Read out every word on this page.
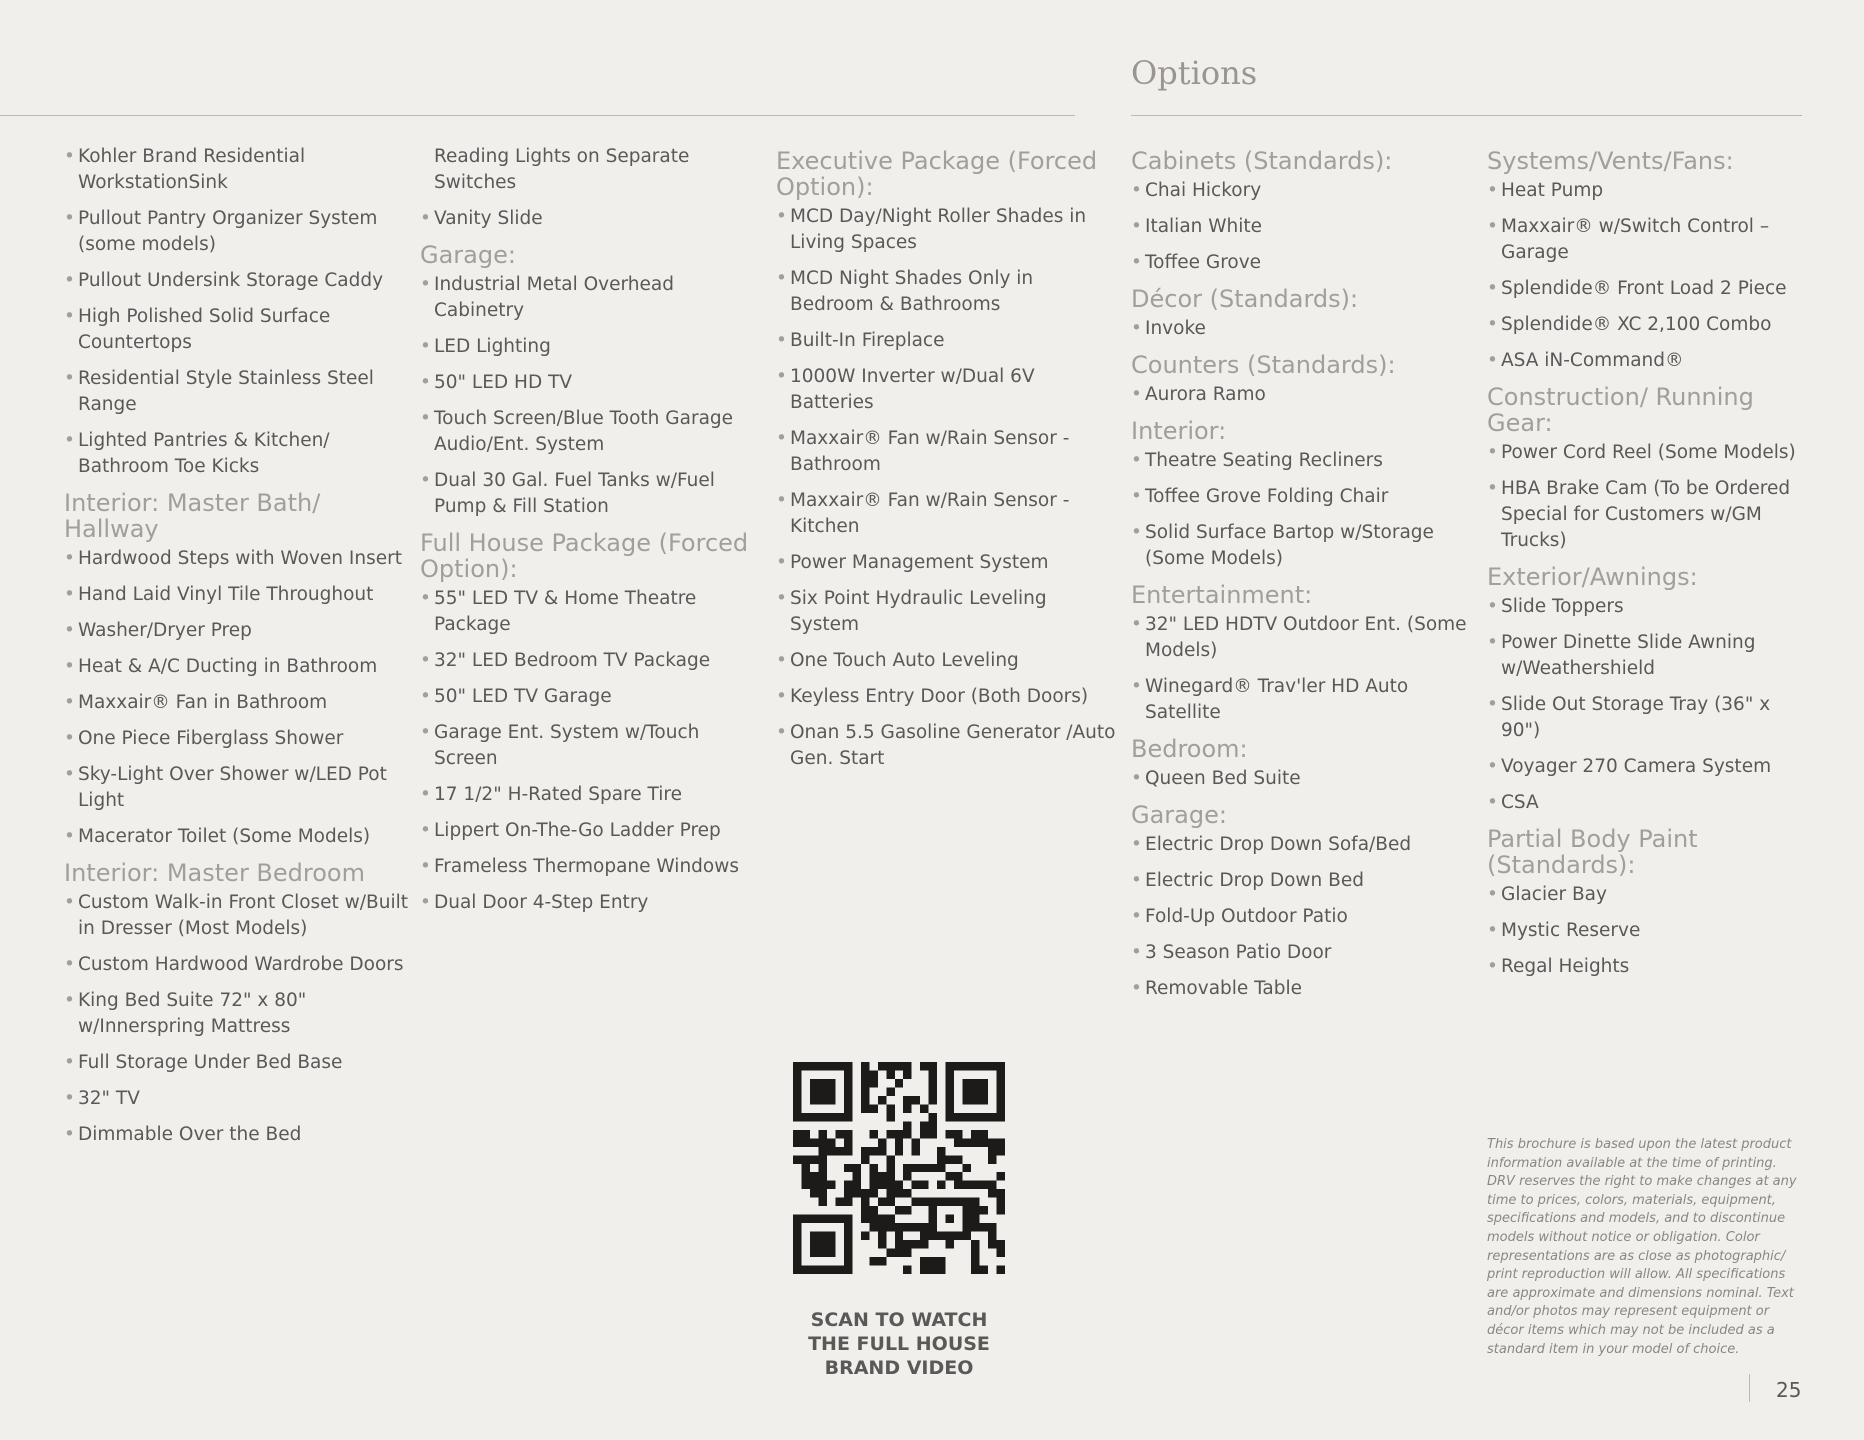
Options
• Kohler Brand Residential WorkstationSink
• Pullout Pantry Organizer System (some models)
• Pullout Undersink Storage Caddy
• High Polished Solid Surface Countertops
• Residential Style Stainless Steel Range
• Lighted Pantries & Kitchen/ Bathroom Toe Kicks
Interior: Master Bath/ Hallway
• Hardwood Steps with Woven Insert
• Hand Laid Vinyl Tile Throughout
• Washer/Dryer Prep
• Heat & A/C Ducting in Bathroom
• Maxxair® Fan in Bathroom
• One Piece Fiberglass Shower
• Sky-Light Over Shower w/LED Pot Light
• Macerator Toilet (Some Models)
Interior: Master Bedroom
• Custom Walk-in Front Closet w/Built in Dresser (Most Models)
• Custom Hardwood Wardrobe Doors
• King Bed Suite 72" x 80" w/Innerspring Mattress
• Full Storage Under Bed Base
• 32" TV
• Dimmable Over the Bed
Reading Lights on Separate Switches
• Vanity Slide
Garage:
• Industrial Metal Overhead Cabinetry
• LED Lighting
• 50" LED HD TV
• Touch Screen/Blue Tooth Garage Audio/Ent. System
• Dual 30 Gal. Fuel Tanks w/Fuel Pump & Fill Station
Full House Package (Forced Option):
• 55" LED TV & Home Theatre Package
• 32" LED Bedroom TV Package
• 50" LED TV Garage
• Garage Ent. System w/Touch Screen
• 17 1/2" H-Rated Spare Tire
• Lippert On-The-Go Ladder Prep
• Frameless Thermopane Windows
• Dual Door 4-Step Entry
Executive Package (Forced Option):
• MCD Day/Night Roller Shades in Living Spaces
• MCD Night Shades Only in Bedroom & Bathrooms
• Built-In Fireplace
• 1000W Inverter w/Dual 6V Batteries
• Maxxair® Fan w/Rain Sensor - Bathroom
• Maxxair® Fan w/Rain Sensor - Kitchen
• Power Management System
• Six Point Hydraulic Leveling System
• One Touch Auto Leveling
• Keyless Entry Door (Both Doors)
• Onan 5.5 Gasoline Generator /Auto Gen. Start

SCAN TO WATCH
THE FULL HOUSE
BRAND VIDEO

Cabinets (Standards):
• Chai Hickory
• Italian White
• Toffee Grove
Décor (Standards):
• Invoke
Counters (Standards):
• Aurora Ramo
Interior:
• Theatre Seating Recliners
• Toffee Grove Folding Chair
• Solid Surface Bartop w/Storage (Some Models)
Entertainment:
• 32" LED HDTV Outdoor Ent. (Some Models)
• Winegard® Trav'ler HD Auto Satellite
Bedroom:
• Queen Bed Suite
Garage:
• Electric Drop Down Sofa/Bed
• Electric Drop Down Bed
• Fold-Up Outdoor Patio
• 3 Season Patio Door
• Removable Table
Systems/Vents/Fans:
• Heat Pump
• Maxxair® w/Switch Control – Garage
• Splendide® Front Load 2 Piece
• Splendide® XC 2,100 Combo
• ASA iN-Command®
Construction/ Running Gear:
• Power Cord Reel (Some Models)
• HBA Brake Cam (To be Ordered Special for Customers w/GM Trucks)
Exterior/Awnings:
• Slide Toppers
• Power Dinette Slide Awning w/Weathershield
• Slide Out Storage Tray (36" x 90")
• Voyager 270 Camera System
• CSA
Partial Body Paint (Standards):
• Glacier Bay
• Mystic Reserve
• Regal Heights

This brochure is based upon the latest product information available at the time of printing. DRV reserves the right to make changes at any time to prices, colors, materials, equipment, specifications and models, and to discontinue models without notice or obligation. Color representations are as close as photographic/ print reproduction will allow. All specifications are approximate and dimensions nominal. Text and/or photos may represent equipment or décor items which may not be included as a standard item in your model of choice.

25
